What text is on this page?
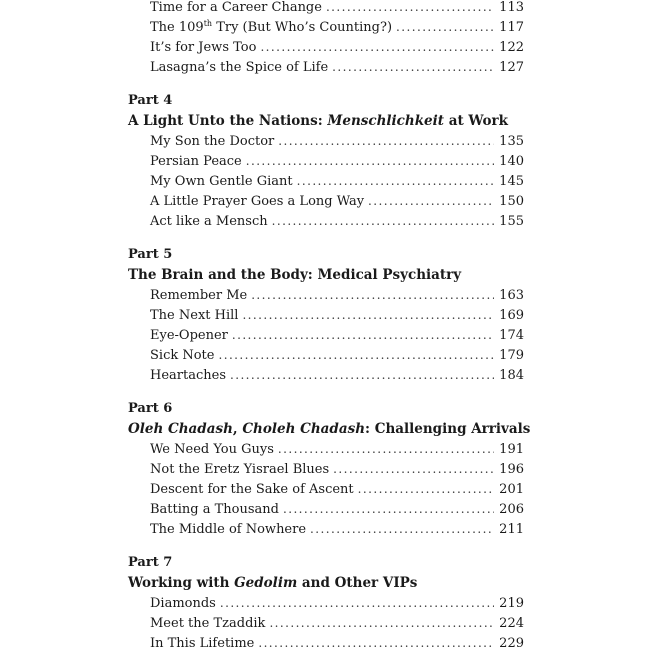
Time for a Career Change . . .	113
The 109th Try (But Who’s Counting?) . . .	117
It’s for Jews Too . . .	122
Lasagna’s the Spice of Life . . .	127
Part 4
A Light Unto the Nations: Menschlichkeit at Work
My Son the Doctor . . .	135
Persian Peace . . .	140
My Own Gentle Giant . . .	145
A Little Prayer Goes a Long Way . . .	150
Act like a Mensch . . .	155
Part 5
The Brain and the Body: Medical Psychiatry
Remember Me . . .	163
The Next Hill . . .	169
Eye-Opener . . .	174
Sick Note . . .	179
Heartaches . . .	184
Part 6
Oleh Chadash, Choleh Chadash: Challenging Arrivals
We Need You Guys . . .	191
Not the Eretz Yisrael Blues . . .	196
Descent for the Sake of Ascent . . .	201
Batting a Thousand . . .	206
The Middle of Nowhere . . .	211
Part 7
Working with Gedolim and Other VIPs
Diamonds . . .	219
Meet the Tzaddik . . .	224
In This Lifetime . . .	229
